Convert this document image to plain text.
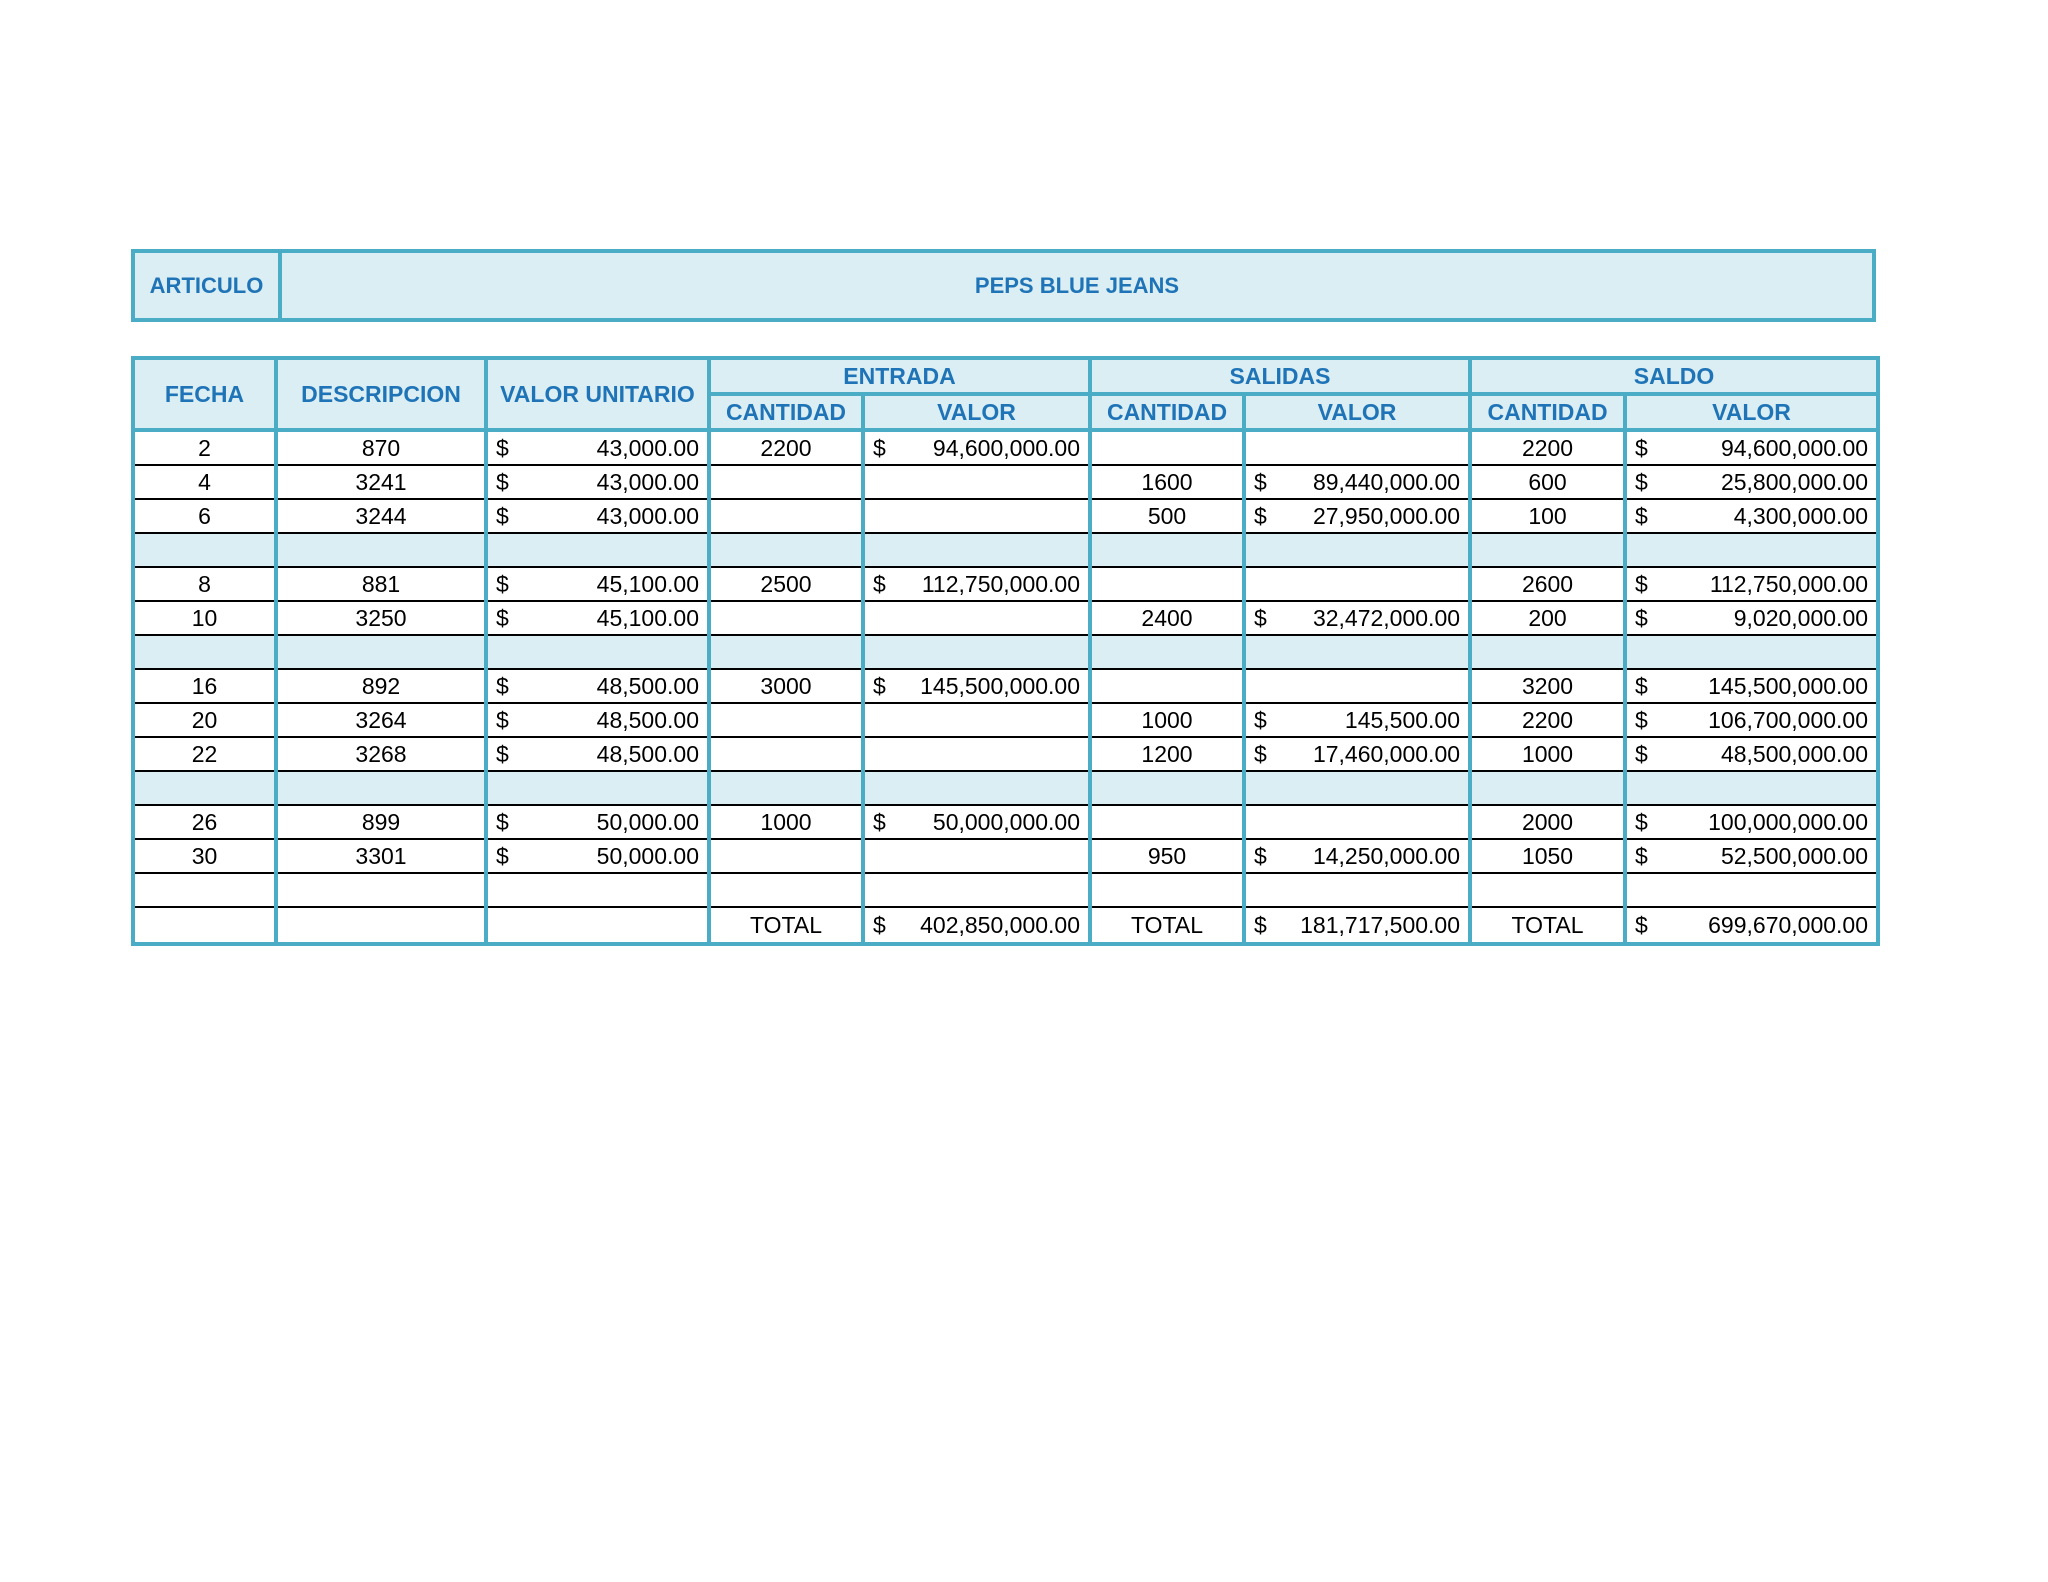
ARTICULO	PEPS BLUE JEANS
FECHA	DESCRIPCION	VALOR UNITARIO	ENTRADA		SALIDAS		SALDO	
			CANTIDAD	VALOR	CANTIDAD	VALOR	CANTIDAD	VALOR
2	870	$ 43,000.00	2200	$ 94,600,000.00			2200	$ 94,600,000.00

4	3241	$ 43,000.00			1600	$ 89,440,000.00	600	$ 25,800,000.00

6	3244	$ 43,000.00			500	$ 27,950,000.00	100	$ 4,300,000.00

8	881	$ 45,100.00	2500	$ 112,750,000.00			2600	$ 112,750,000.00

10	3250	$ 45,100.00			2400	$ 32,472,000.00	200	$ 9,020,000.00

16	892	$ 48,500.00	3000	$ 145,500,000.00			3200	$ 145,500,000.00

20	3264	$ 48,500.00			1000	$ 145,500.00	2200	$ 106,700,000.00

22	3268	$ 48,500.00			1200	$ 17,460,000.00	1000	$ 48,500,000.00

26	899	$ 50,000.00	1000	$ 50,000,000.00			2000	$ 100,000,000.00

30	3301	$ 50,000.00			950	$ 14,250,000.00	1050	$ 52,500,000.00

			TOTAL	$ 402,850,000.00	TOTAL	$ 181,717,500.00	TOTAL	$ 699,670,000.00
